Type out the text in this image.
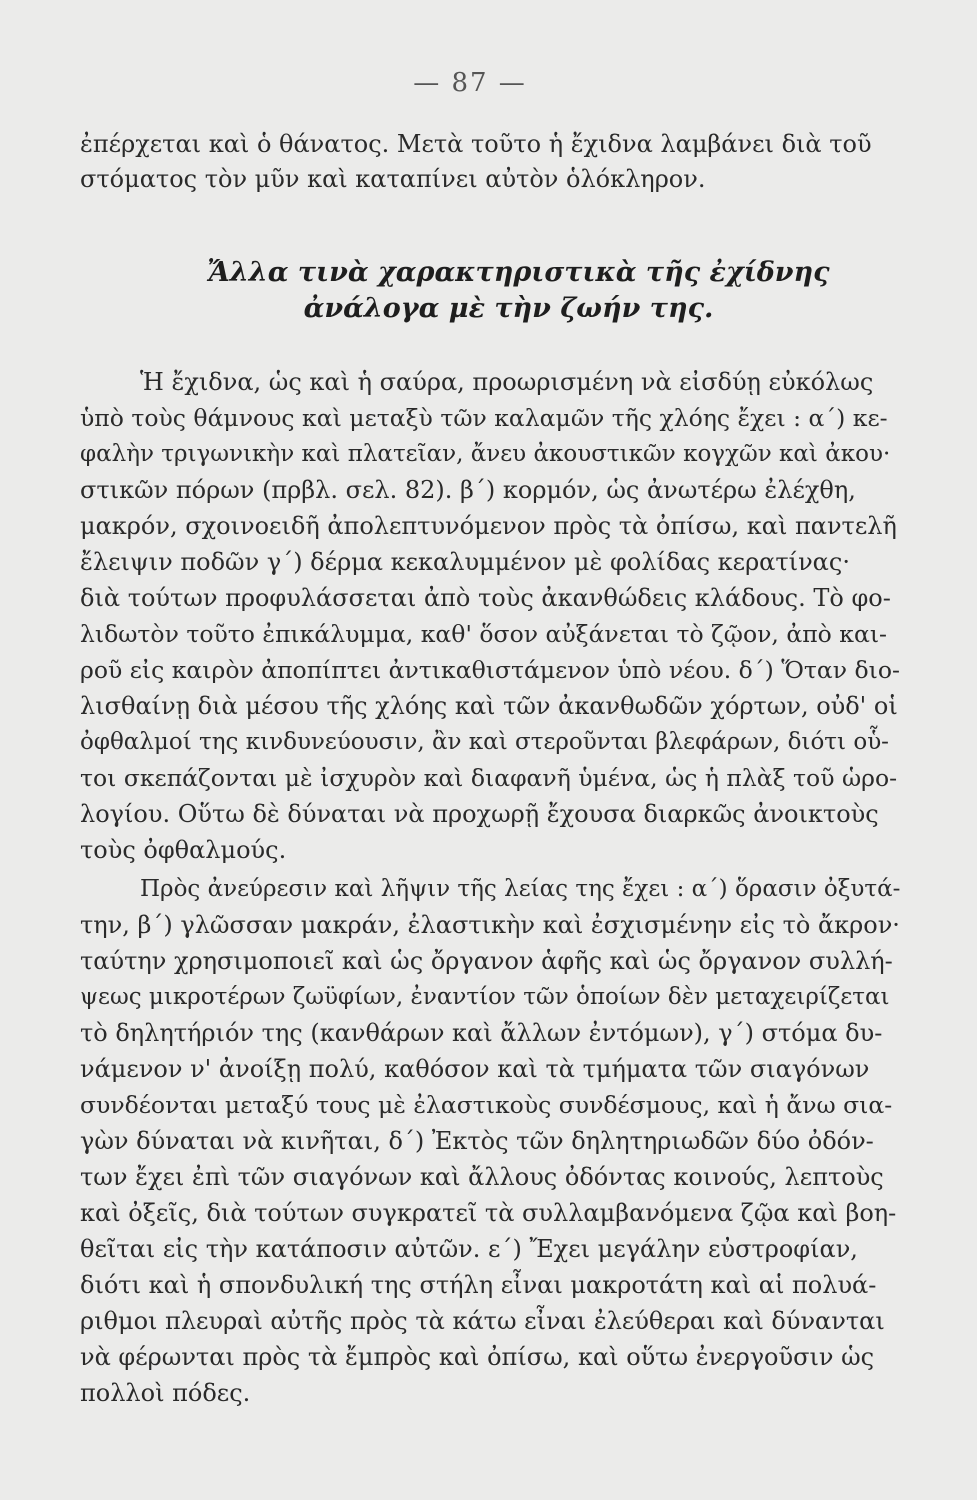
— 87 —
ἐπέρχεται καὶ ὁ θάνατος. Μετὰ τοῦτο ἡ ἔχιδνα λαμβάνει διὰ τοῦ
στόματος τὸν μῦν καὶ καταπίνει αὐτὸν ὁλόκληρον.
Ἄλλα τινὰ χαρακτηριστικὰ τῆς ἐχίδνης
ἀνάλογα μὲ τὴν ζωήν της.
Ἡ ἔχιδνα, ὡς καὶ ἡ σαύρα, προωρισμένη νὰ εἰσδύῃ εὐκόλως
ὑπὸ τοὺς θάμνους καὶ μεταξὺ τῶν καλαμῶν τῆς χλόης ἔχει : α΄) κε-
φαλὴν τριγωνικὴν καὶ πλατεῖαν, ἄνευ ἀκουστικῶν κογχῶν καὶ ἀκου·
στικῶν πόρων (πρβλ. σελ. 82). β΄) κορμόν, ὡς ἀνωτέρω ἐλέχθη,
μακρόν, σχοινοειδῆ ἀπολεπτυνόμενον πρὸς τὰ ὀπίσω, καὶ παντελῆ
ἔλειψιν ποδῶν γ΄) δέρμα κεκαλυμμένον μὲ φολίδας κερατίνας·
διὰ τούτων προφυλάσσεται ἀπὸ τοὺς ἀκανθώδεις κλάδους. Τὸ φο-
λιδωτὸν τοῦτο ἐπικάλυμμα, καθ' ὅσον αὐξάνεται τὸ ζῷον, ἀπὸ και-
ροῦ εἰς καιρὸν ἀποπίπτει ἀντικαθιστάμενον ὑπὸ νέου. δ΄) Ὅταν διο-
λισθαίνῃ διὰ μέσου τῆς χλόης καὶ τῶν ἀκανθωδῶν χόρτων, οὐδ' οἱ
ὀφθαλμοί της κινδυνεύουσιν, ἂν καὶ στεροῦνται βλεφάρων, διότι οὗ-
τοι σκεπάζονται μὲ ἰσχυρὸν καὶ διαφανῆ ὑμένα, ὡς ἡ πλὰξ τοῦ ὡρο-
λογίου. Οὕτω δὲ δύναται νὰ προχωρῇ ἔχουσα διαρκῶς ἀνοικτοὺς
τοὺς ὀφθαλμούς.
Πρὸς ἀνεύρεσιν καὶ λῆψιν τῆς λείας της ἔχει : α΄) ὅρασιν ὀξυτά-
την, β΄) γλῶσσαν μακράν, ἐλαστικὴν καὶ ἐσχισμένην εἰς τὸ ἄκρον·
ταύτην χρησιμοποιεῖ καὶ ὡς ὄργανον ἁφῆς καὶ ὡς ὄργανον συλλή-
ψεως μικροτέρων ζωϋφίων, ἐναντίον τῶν ὁποίων δὲν μεταχειρίζεται
τὸ δηλητήριόν της (κανθάρων καὶ ἄλλων ἐντόμων), γ΄) στόμα δυ-
νάμενον ν' ἀνοίξῃ πολύ, καθόσον καὶ τὰ τμήματα τῶν σιαγόνων
συνδέονται μεταξύ τους μὲ ἐλαστικοὺς συνδέσμους, καὶ ἡ ἄνω σια-
γὼν δύναται νὰ κινῆται, δ΄) Ἐκτὸς τῶν δηλητηριωδῶν δύο ὀδόν-
των ἔχει ἐπὶ τῶν σιαγόνων καὶ ἄλλους ὀδόντας κοινούς, λεπτοὺς
καὶ ὀξεῖς, διὰ τούτων συγκρατεῖ τὰ συλλαμβανόμενα ζῷα καὶ βοη-
θεῖται εἰς τὴν κατάποσιν αὐτῶν. ε΄) Ἔχει μεγάλην εὐστροφίαν,
διότι καὶ ἡ σπονδυλική της στήλη εἶναι μακροτάτη καὶ αἱ πολυά-
ριθμοι πλευραὶ αὐτῆς πρὸς τὰ κάτω εἶναι ἐλεύθεραι καὶ δύνανται
νὰ φέρωνται πρὸς τὰ ἔμπρὸς καὶ ὀπίσω, καὶ οὕτω ἐνεργοῦσιν ὡς
πολλοὶ πόδες.
